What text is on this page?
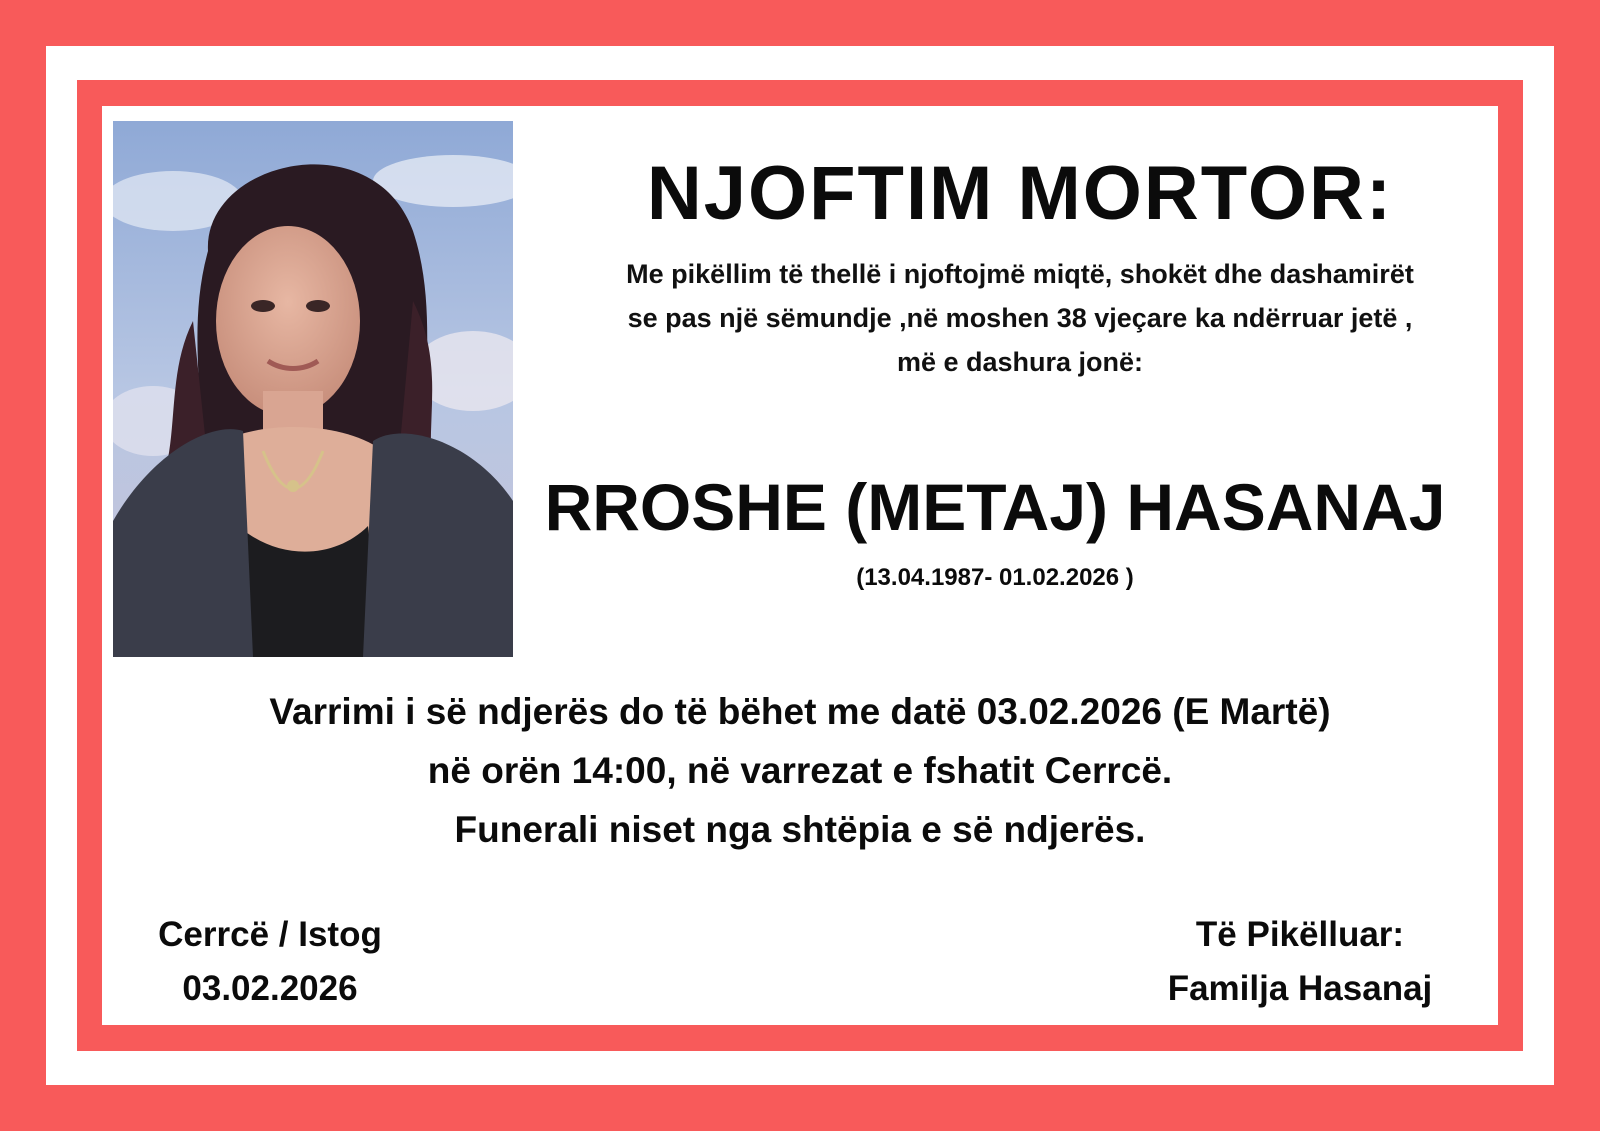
NJOFTIM MORTOR:
Me pikëllim të thellë i njoftojmë miqtë, shokët dhe dashamirët
se pas një sëmundje ,në moshen 38 vjeçare ka ndërruar jetë ,
më e dashura jonë:
RROSHE (METAJ) HASANAJ
(13.04.1987- 01.02.2026 )
Varrimi i së ndjerës do të bëhet me datë 03.02.2026 (E Martë)
në orën 14:00, në varrezat e fshatit Cerrcë.
Funerali niset nga shtëpia e së ndjerës.
Cerrcë / Istog
03.02.2026
Të Pikëlluar:
Familja Hasanaj
